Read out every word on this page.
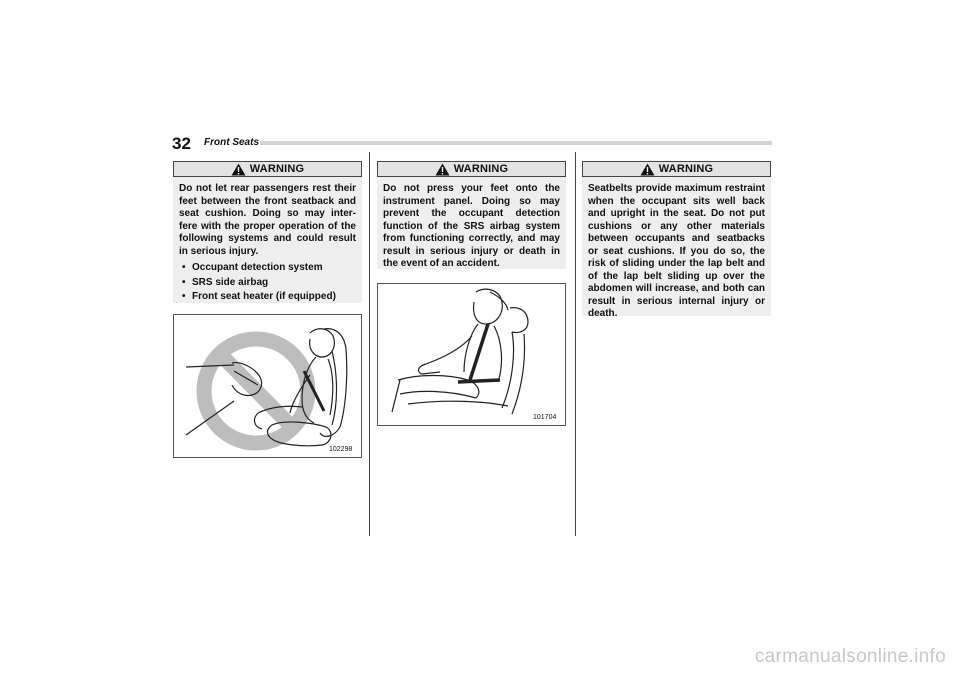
32 Front Seats
WARNING
Do not let rear passengers rest their feet between the front seatback and seat cushion. Doing so may inter-fere with the proper operation of the following systems and could result in serious injury.
• Occupant detection system
• SRS side airbag
• Front seat heater (if equipped)
WARNING
Do not press your feet onto the instrument panel. Doing so may prevent the occupant detection function of the SRS airbag system from functioning correctly, and may result in serious injury or death in the event of an accident.
WARNING
Seatbelts provide maximum restraint when the occupant sits well back and upright in the seat. Do not put cushions or any other materials between occupants and seatbacks or seat cushions. If you do so, the risk of sliding under the lap belt and of the lap belt sliding up over the abdomen will increase, and both can result in serious internal injury or death.
102298
101704
carmanualsonline.info
